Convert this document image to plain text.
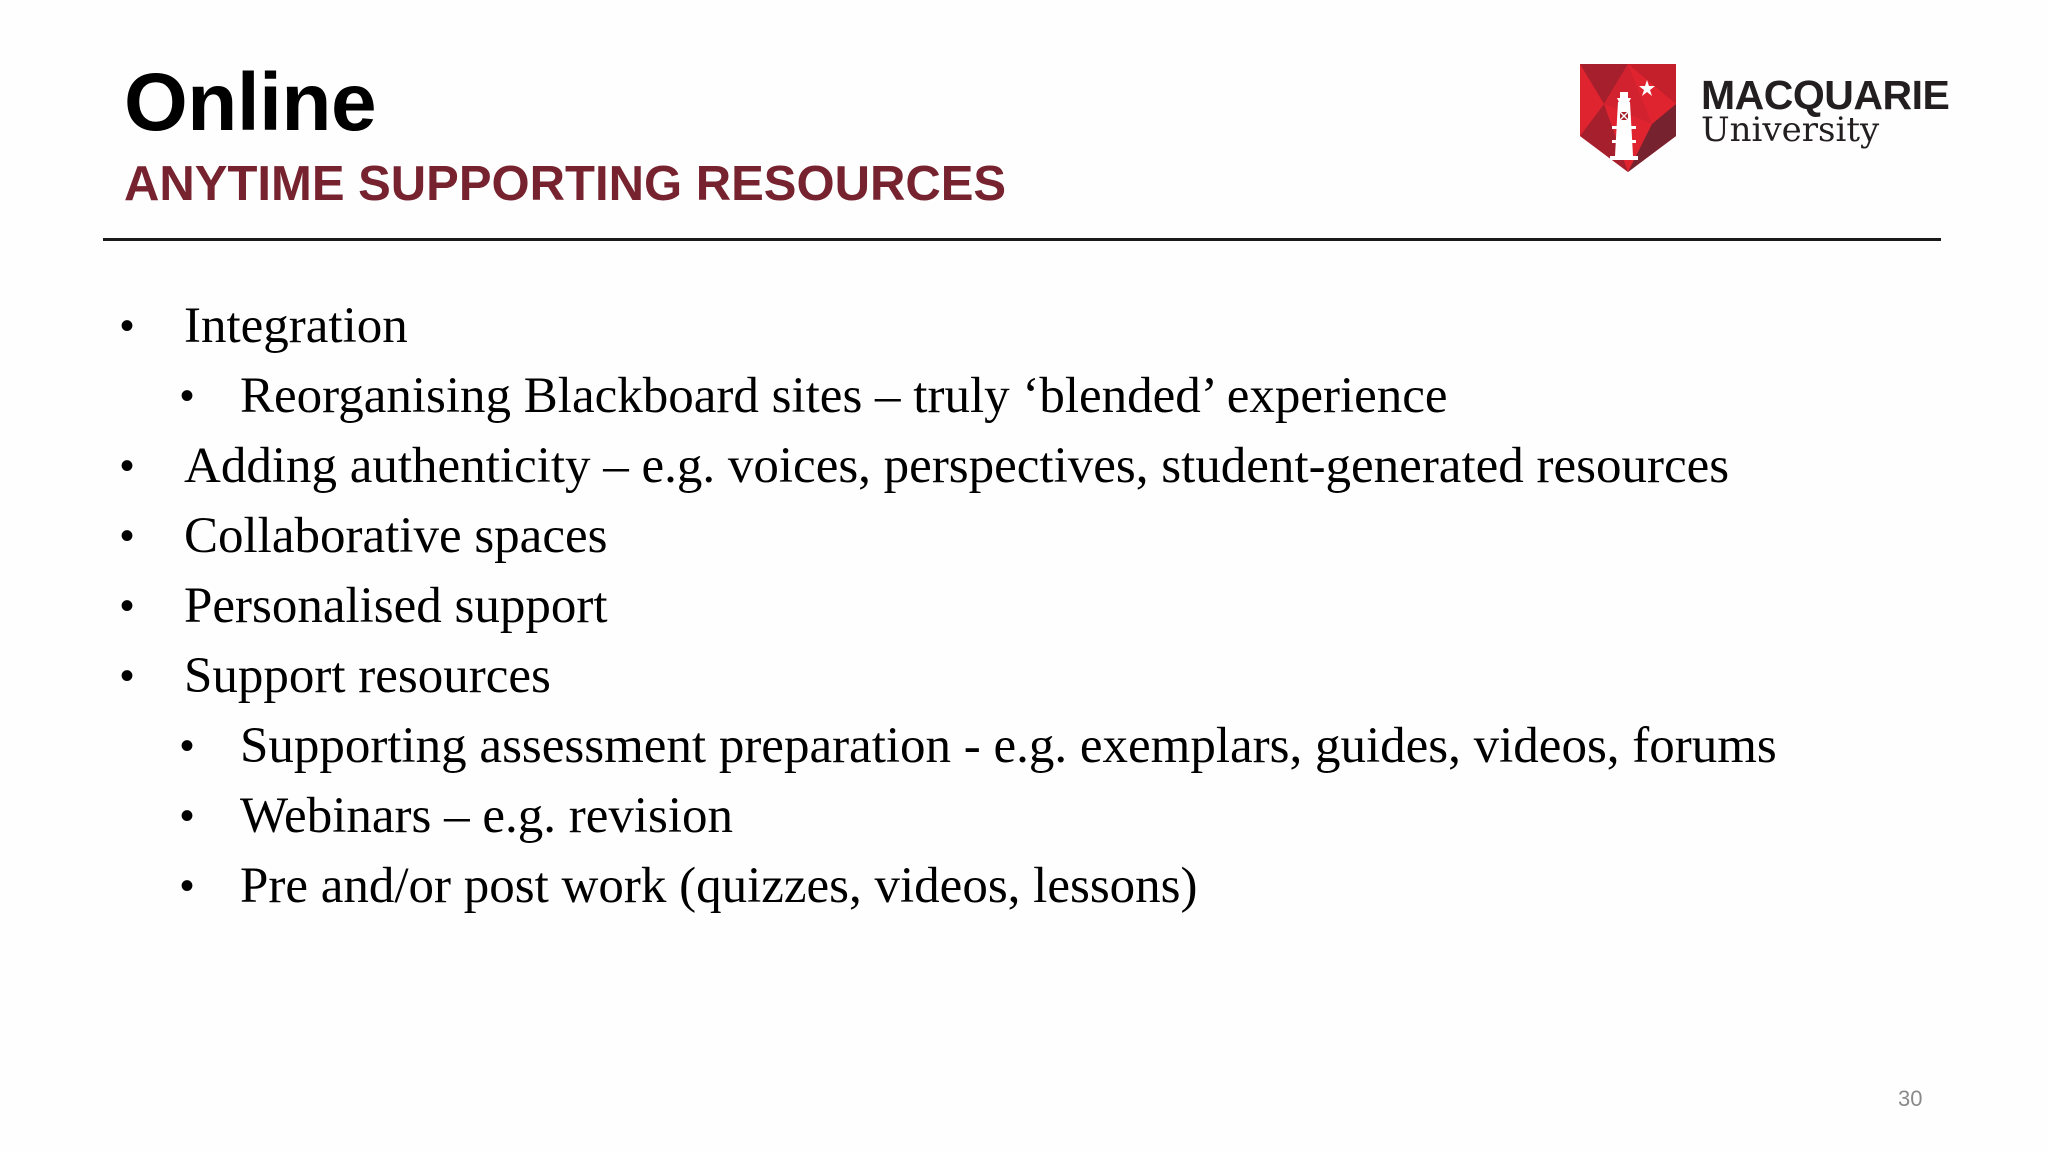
Online
ANYTIME SUPPORTING RESOURCES
MACQUARIE
University
• Integration
• Reorganising Blackboard sites – truly ‘blended’ experience
• Adding authenticity – e.g. voices, perspectives, student-generated resources
• Collaborative spaces
• Personalised support
• Support resources
• Supporting assessment preparation - e.g. exemplars, guides, videos, forums
• Webinars – e.g. revision
• Pre and/or post work (quizzes, videos, lessons)
30
